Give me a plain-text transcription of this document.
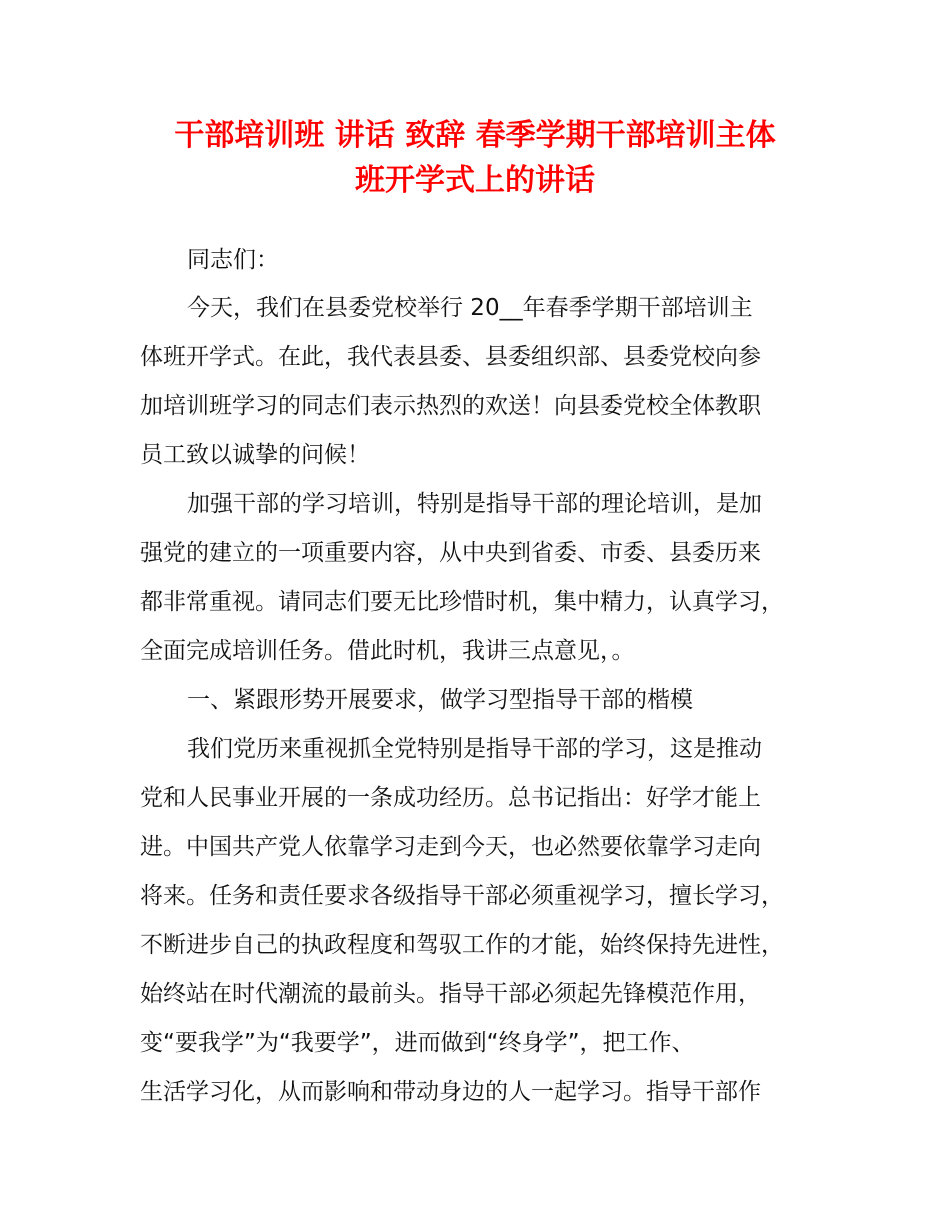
干部培训班 讲话 致辞 春季学期干部培训主体
班开学式上的讲话
同志们：
今天，我们在县委党校举行 20__年春季学期干部培训主
体班开学式。在此，我代表县委、县委组织部、县委党校向参
加培训班学习的同志们表示热烈的欢送！向县委党校全体教职
员工致以诚挚的问候！
加强干部的学习培训，特别是指导干部的理论培训，是加
强党的建立的一项重要内容，从中央到省委、市委、县委历来
都非常重视。请同志们要无比珍惜时机，集中精力，认真学习，
全面完成培训任务。借此时机，我讲三点意见，。
一、紧跟形势开展要求，做学习型指导干部的楷模
我们党历来重视抓全党特别是指导干部的学习，这是推动
党和人民事业开展的一条成功经历。总书记指出：好学才能上
进。中国共产党人依靠学习走到今天，也必然要依靠学习走向
将来。任务和责任要求各级指导干部必须重视学习，擅长学习，
不断进步自己的执政程度和驾驭工作的才能，始终保持先进性，
始终站在时代潮流的最前头。指导干部必须起先锋模范作用，
变“要我学”为“我要学”，进而做到“终身学”，把工作、
生活学习化，从而影响和带动身边的人一起学习。指导干部作
